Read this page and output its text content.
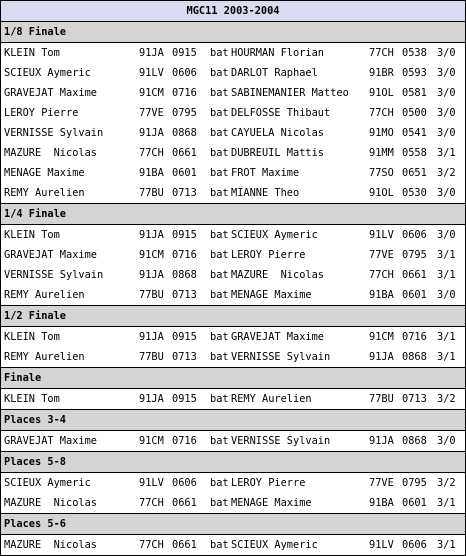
MGC11 2003-2004
1/8 Finale
KLEIN Tom	91JA 0915 bat HOURMAN Florian	77CH 0538 3/0
SCIEUX Aymeric	91LV 0606 bat DARLOT Raphael	91BR 0593 3/0
GRAVEJAT Maxime	91CM 0716 bat SABINEMANIER Matteo 91OL 0581 3/0
LEROY Pierre	77VE 0795 bat DELFOSSE Thibaut	77CH 0500 3/0
VERNISSE Sylvain	91JA 0868 bat CAYUELA Nicolas	91MO 0541 3/0
MAZURE  Nicolas	77CH 0661 bat DUBREUIL Mattis	91MM 0558 3/1
MENAGE Maxime	91BA 0601 bat FROT Maxime	77SO 0651 3/2
REMY Aurelien	77BU 0713 bat MIANNE Theo	91OL 0530 3/0
1/4 Finale
KLEIN Tom	91JA 0915 bat SCIEUX Aymeric	91LV 0606 3/0
GRAVEJAT Maxime	91CM 0716 bat LEROY Pierre	77VE 0795 3/1
VERNISSE Sylvain	91JA 0868 bat MAZURE  Nicolas	77CH 0661 3/1
REMY Aurelien	77BU 0713 bat MENAGE Maxime	91BA 0601 3/0
1/2 Finale
KLEIN Tom	91JA 0915 bat GRAVEJAT Maxime	91CM 0716 3/1
REMY Aurelien	77BU 0713 bat VERNISSE Sylvain	91JA 0868 3/1
Finale
KLEIN Tom	91JA 0915 bat REMY Aurelien	77BU 0713 3/2
Places 3-4
GRAVEJAT Maxime	91CM 0716 bat VERNISSE Sylvain	91JA 0868 3/0
Places 5-8
SCIEUX Aymeric	91LV 0606 bat LEROY Pierre	77VE 0795 3/2
MAZURE  Nicolas	77CH 0661 bat MENAGE Maxime	91BA 0601 3/1
Places 5-6
MAZURE  Nicolas	77CH 0661 bat SCIEUX Aymeric	91LV 0606 3/1
